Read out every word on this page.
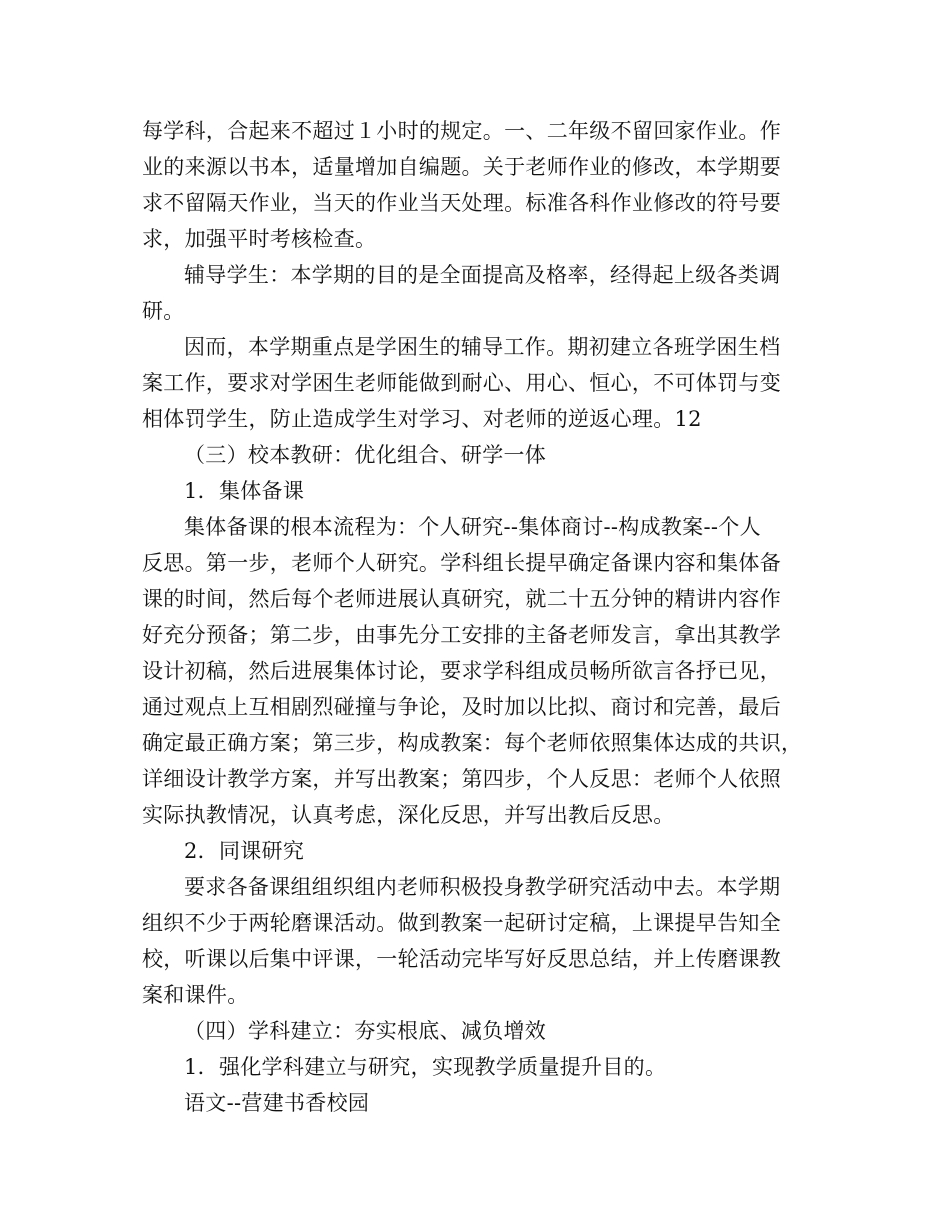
每学科，合起来不超过１小时的规定。一、二年级不留回家作业。作
业的来源以书本，适量增加自编题。关于老师作业的修改，本学期要
求不留隔天作业，当天的作业当天处理。标准各科作业修改的符号要
求，加强平时考核检查。
辅导学生：本学期的目的是全面提高及格率，经得起上级各类调
研。
因而，本学期重点是学困生的辅导工作。期初建立各班学困生档
案工作，要求对学困生老师能做到耐心、用心、恒心，不可体罚与变
相体罚学生，防止造成学生对学习、对老师的逆返心理。12
（三）校本教研：优化组合、研学一体
1．集体备课
集体备课的根本流程为：个人研究--集体商讨--构成教案--个人
反思。第一步，老师个人研究。学科组长提早确定备课内容和集体备
课的时间，然后每个老师进展认真研究，就二十五分钟的精讲内容作
好充分预备；第二步，由事先分工安排的主备老师发言，拿出其教学
设计初稿，然后进展集体讨论，要求学科组成员畅所欲言各抒已见，
通过观点上互相剧烈碰撞与争论，及时加以比拟、商讨和完善，最后
确定最正确方案；第三步，构成教案：每个老师依照集体达成的共识，
详细设计教学方案，并写出教案；第四步，个人反思：老师个人依照
实际执教情况，认真考虑，深化反思，并写出教后反思。
2．同课研究
要求各备课组组织组内老师积极投身教学研究活动中去。本学期
组织不少于两轮磨课活动。做到教案一起研讨定稿，上课提早告知全
校，听课以后集中评课，一轮活动完毕写好反思总结，并上传磨课教
案和课件。
（四）学科建立：夯实根底、减负增效
1．强化学科建立与研究，实现教学质量提升目的。
语文--营建书香校园
